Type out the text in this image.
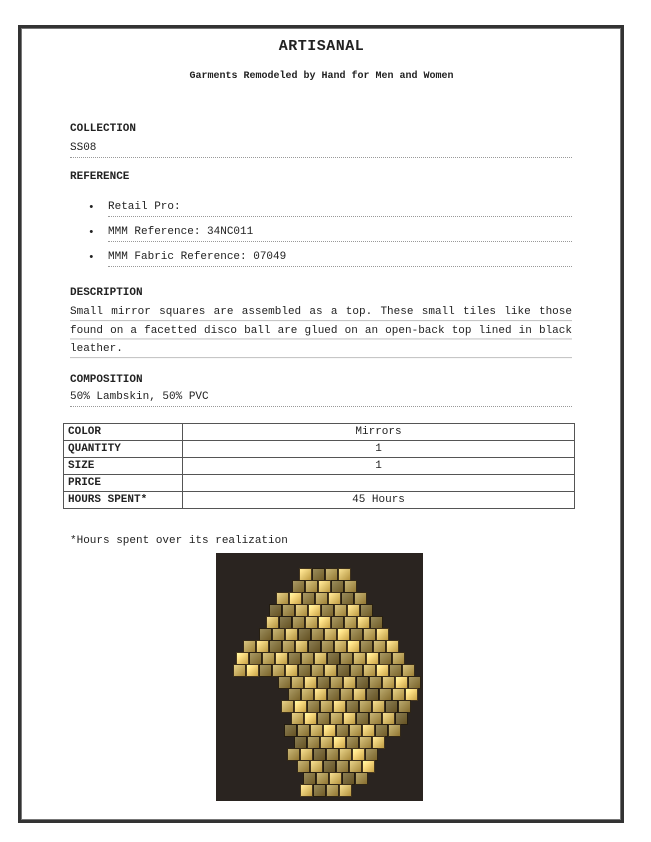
ARTISANAL
Garments Remodeled by Hand for Men and Women
COLLECTION
SS08
REFERENCE
• Retail Pro:
• MMM Reference: 34NC011
• MMM Fabric Reference: 07049
DESCRIPTION
Small mirror squares are assembled as a top. These small tiles like those found on a facetted disco ball are glued on an open-back top lined in black leather.
COMPOSITION
50% Lambskin, 50% PVC
COLOR	Mirrors
QUANTITY	1
SIZE	1
PRICE	
HOURS SPENT*	45 Hours
*Hours spent over its realization
